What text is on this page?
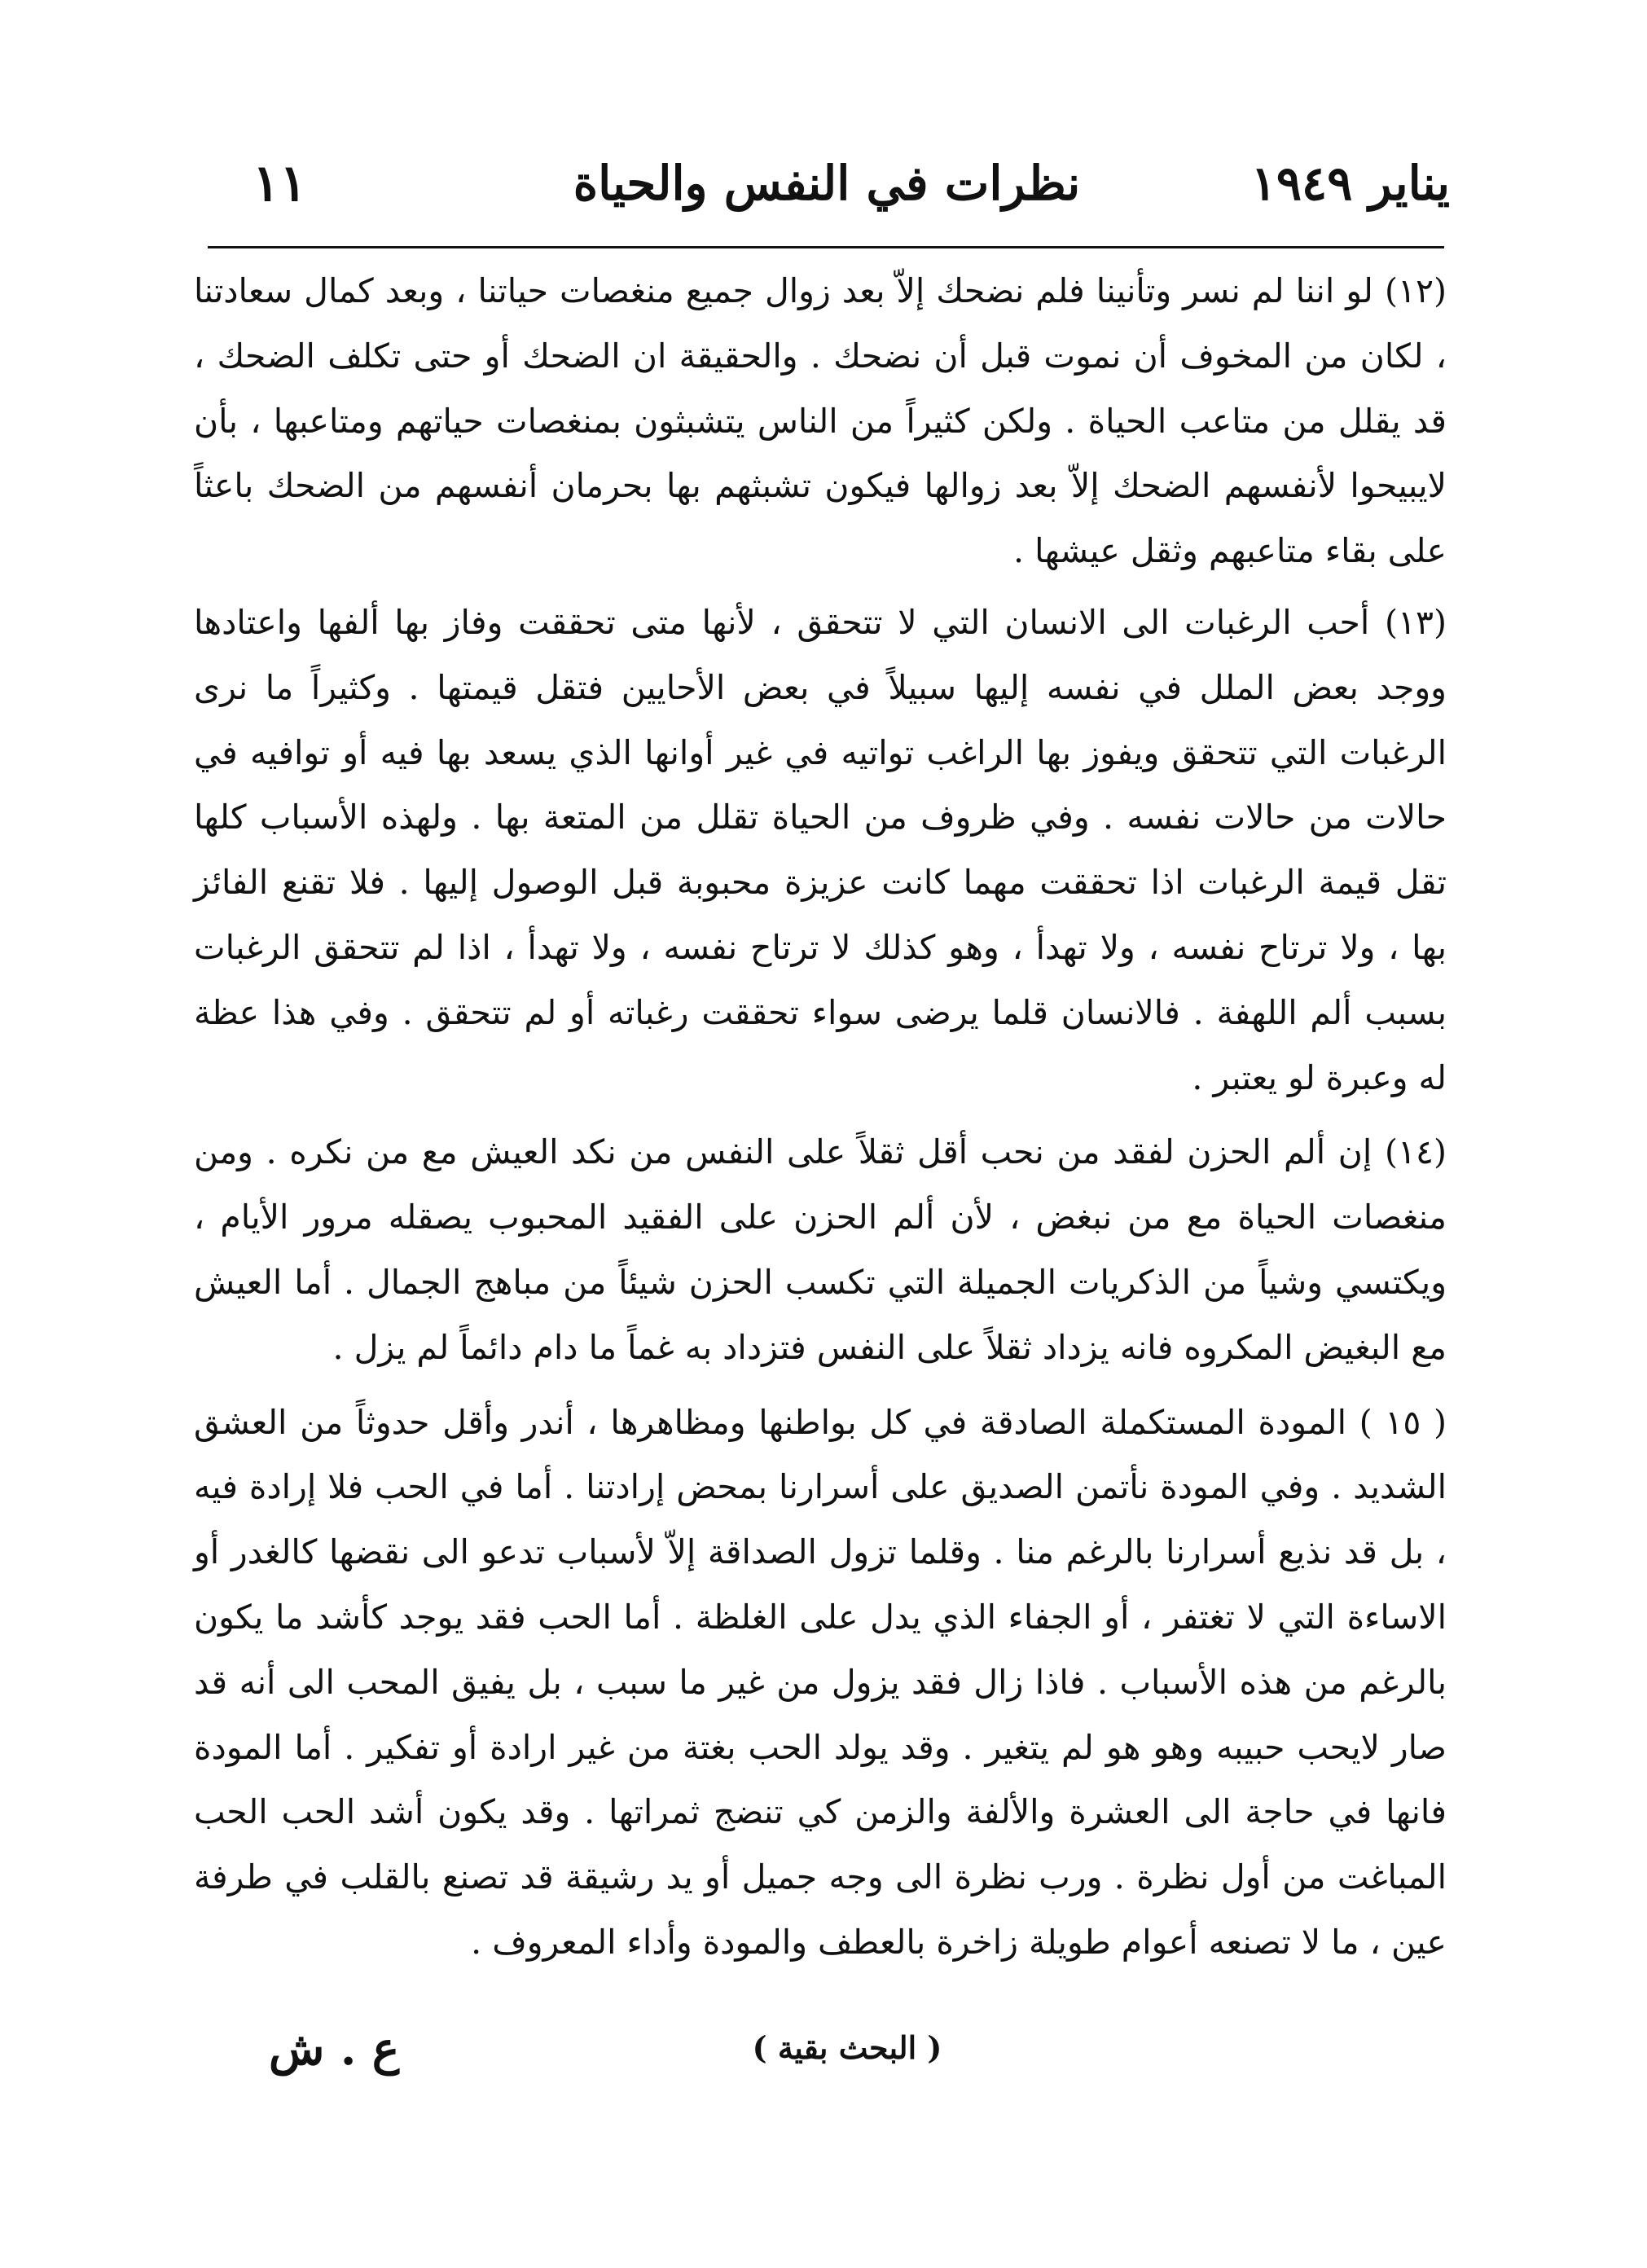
يناير ١٩٤٩
نظرات في النفس والحياة
١١

(١٢) لو اننا لم نسر وتأنينا فلم نضحك إلاّ بعد زوال جميع منغصات حياتنا ، وبعد كمال سعادتنا ، لكان من المخوف أن نموت قبل أن نضحك . والحقيقة ان الضحك أو حتى تكلف الضحك ، قد يقلل من متاعب الحياة . ولكن كثيراً من الناس يتشبثون بمنغصات حياتهم ومتاعبها ، بأن لايبيحوا لأنفسهم الضحك إلاّ بعد زوالها فيكون تشبثهم بها بحرمان أنفسهم من الضحك باعثاً على بقاء متاعبهم وثقل عيشها .

(١٣) أحب الرغبات الى الانسان التي لا تتحقق ، لأنها متى تحققت وفاز بها ألفها واعتادها ووجد بعض الملل في نفسه إليها سبيلاً في بعض الأحايين فتقل قيمتها . وكثيراً ما نرى الرغبات التي تتحقق ويفوز بها الراغب تواتيه في غير أوانها الذي يسعد بها فيه أو توافيه في حالات من حالات نفسه . وفي ظروف من الحياة تقلل من المتعة بها . ولهذه الأسباب كلها تقل قيمة الرغبات اذا تحققت مهما كانت عزيزة محبوبة قبل الوصول إليها . فلا تقنع الفائز بها ، ولا ترتاح نفسه ، ولا تهدأ ، وهو كذلك لا ترتاح نفسه ، ولا تهدأ ، اذا لم تتحقق الرغبات بسبب ألم اللهفة . فالانسان قلما يرضى سواء تحققت رغباته أو لم تتحقق . وفي هذا عظة له وعبرة لو يعتبر .

(١٤) إن ألم الحزن لفقد من نحب أقل ثقلاً على النفس من نكد العيش مع من نكره . ومن منغصات الحياة مع من نبغض ، لأن ألم الحزن على الفقيد المحبوب يصقله مرور الأيام ، ويكتسي وشياً من الذكريات الجميلة التي تكسب الحزن شيئاً من مباهج الجمال . أما العيش مع البغيض المكروه فانه يزداد ثقلاً على النفس فتزداد به غماً ما دام دائماً لم يزل .

( ١٥ ) المودة المستكملة الصادقة في كل بواطنها ومظاهرها ، أندر وأقل حدوثاً من العشق الشديد . وفي المودة نأتمن الصديق على أسرارنا بمحض إرادتنا . أما في الحب فلا إرادة فيه ، بل قد نذيع أسرارنا بالرغم منا . وقلما تزول الصداقة إلاّ لأسباب تدعو الى نقضها كالغدر أو الاساءة التي لا تغتفر ، أو الجفاء الذي يدل على الغلظة . أما الحب فقد يوجد كأشد ما يكون بالرغم من هذه الأسباب . فاذا زال فقد يزول من غير ما سبب ، بل يفيق المحب الى أنه قد صار لايحب حبيبه وهو هو لم يتغير . وقد يولد الحب بغتة من غير ارادة أو تفكير . أما المودة فانها في حاجة الى العشرة والألفة والزمن كي تنضج ثمراتها . وقد يكون أشد الحب الحب المباغت من أول نظرة . ورب نظرة الى وجه جميل أو يد رشيقة قد تصنع بالقلب في طرفة عين ، ما لا تصنعه أعوام طويلة زاخرة بالعطف والمودة وأداء المعروف .

( البحث بقية )
ع . ش
